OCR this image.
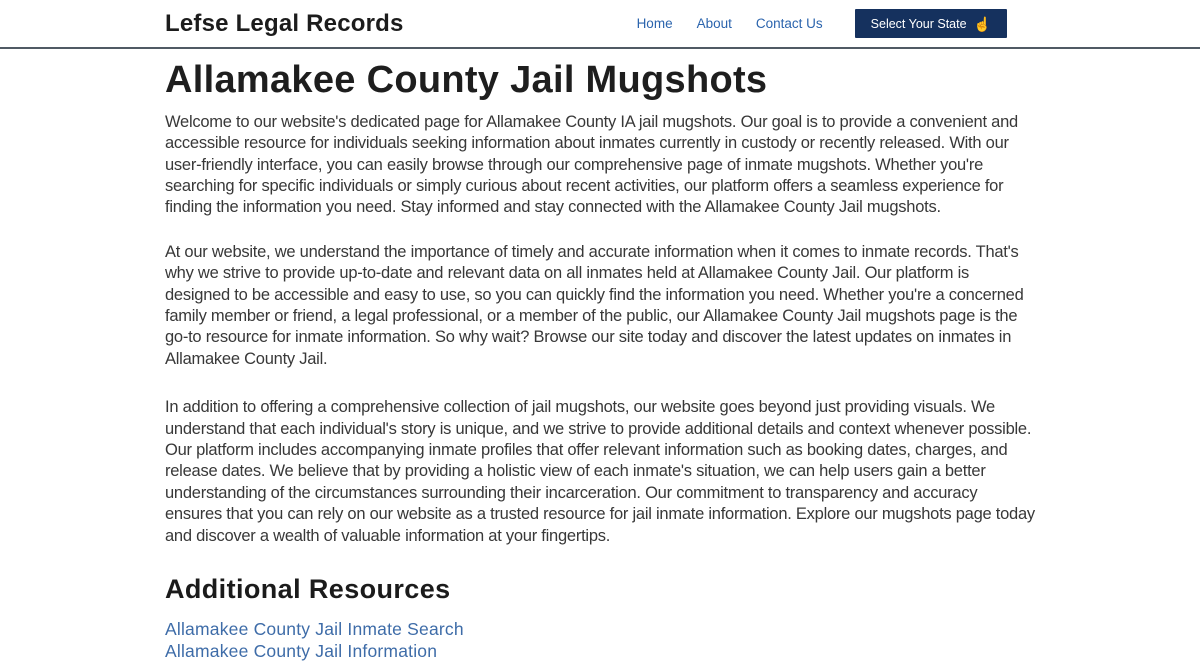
Lefse Legal Records	Home About Contact Us	Select Your State ☝
Allamakee County Jail Mugshots

Welcome to our website's dedicated page for Allamakee County IA jail mugshots. Our goal is to provide a convenient and accessible resource for individuals seeking information about inmates currently in custody or recently released. With our user-friendly interface, you can easily browse through our comprehensive page of inmate mugshots. Whether you're searching for specific individuals or simply curious about recent activities, our platform offers a seamless experience for finding the information you need. Stay informed and stay connected with the Allamakee County Jail mugshots.

At our website, we understand the importance of timely and accurate information when it comes to inmate records. That's why we strive to provide up-to-date and relevant data on all inmates held at Allamakee County Jail. Our platform is designed to be accessible and easy to use, so you can quickly find the information you need. Whether you're a concerned family member or friend, a legal professional, or a member of the public, our Allamakee County Jail mugshots page is the go-to resource for inmate information. So why wait? Browse our site today and discover the latest updates on inmates in Allamakee County Jail.

In addition to offering a comprehensive collection of jail mugshots, our website goes beyond just providing visuals. We understand that each individual's story is unique, and we strive to provide additional details and context whenever possible. Our platform includes accompanying inmate profiles that offer relevant information such as booking dates, charges, and release dates. We believe that by providing a holistic view of each inmate's situation, we can help users gain a better understanding of the circumstances surrounding their incarceration. Our commitment to transparency and accuracy ensures that you can rely on our website as a trusted resource for jail inmate information. Explore our mugshots page today and discover a wealth of valuable information at your fingertips.

Additional Resources
Allamakee County Jail Inmate Search
Allamakee County Jail Information
